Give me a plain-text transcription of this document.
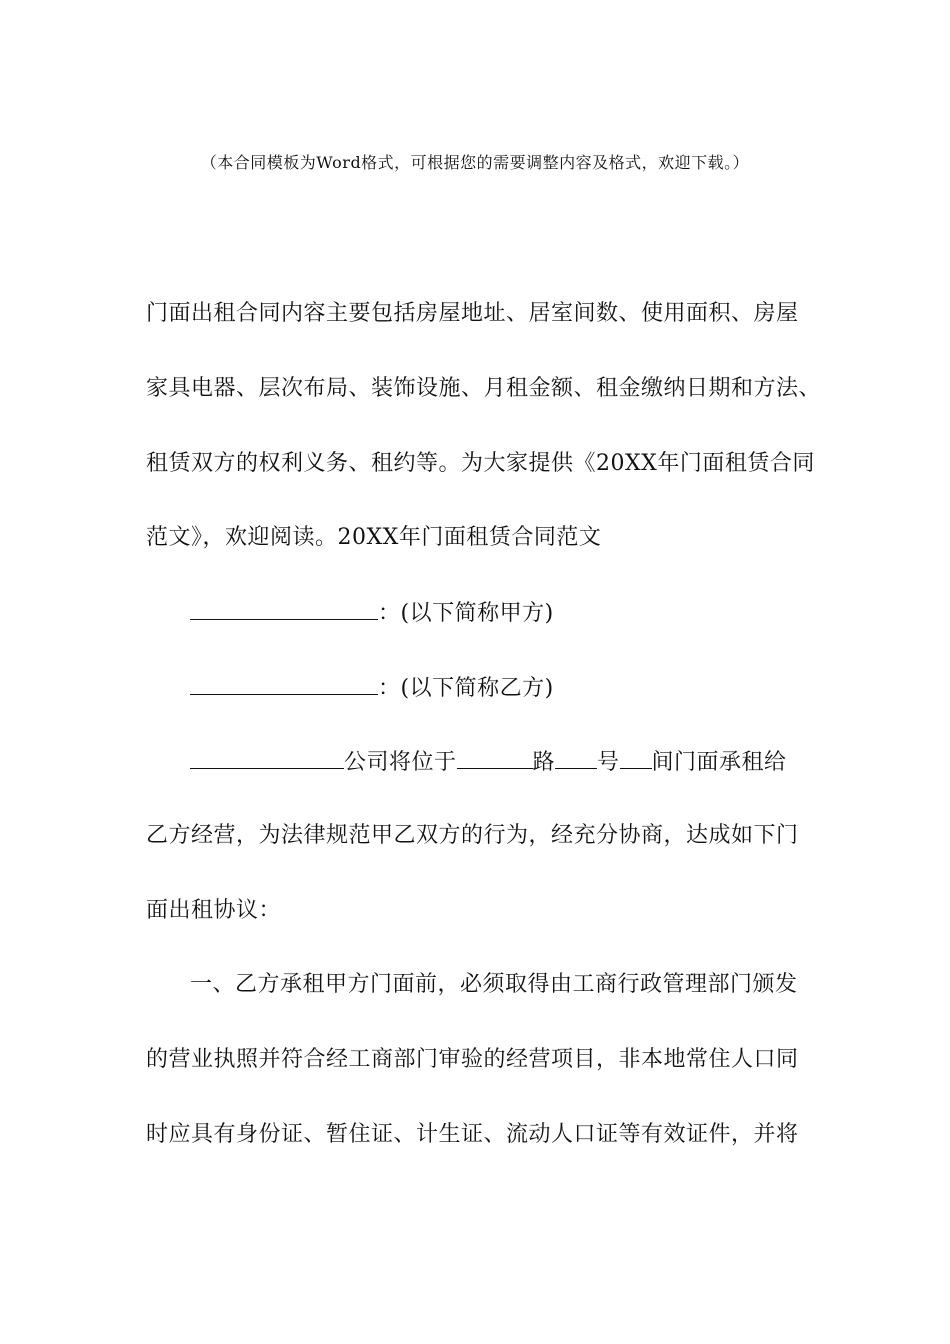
（本合同模板为Word格式，可根据您的需要调整内容及格式，欢迎下载。）
门面出租合同内容主要包括房屋地址、居室间数、使用面积、房屋
家具电器、层次布局、装饰设施、月租金额、租金缴纳日期和方法、
租赁双方的权利义务、租约等。为大家提供《20XX年门面租赁合同
范文》，欢迎阅读。20XX年门面租赁合同范文
：(以下简称甲方)
：(以下简称乙方)
公司将位于	路 号 间门面承租给
乙方经营，为法律规范甲乙双方的行为，经充分协商，达成如下门
面出租协议：
一、乙方承租甲方门面前，必须取得由工商行政管理部门颁发
的营业执照并符合经工商部门审验的经营项目，非本地常住人口同
时应具有身份证、暂住证、计生证、流动人口证等有效证件，并将
